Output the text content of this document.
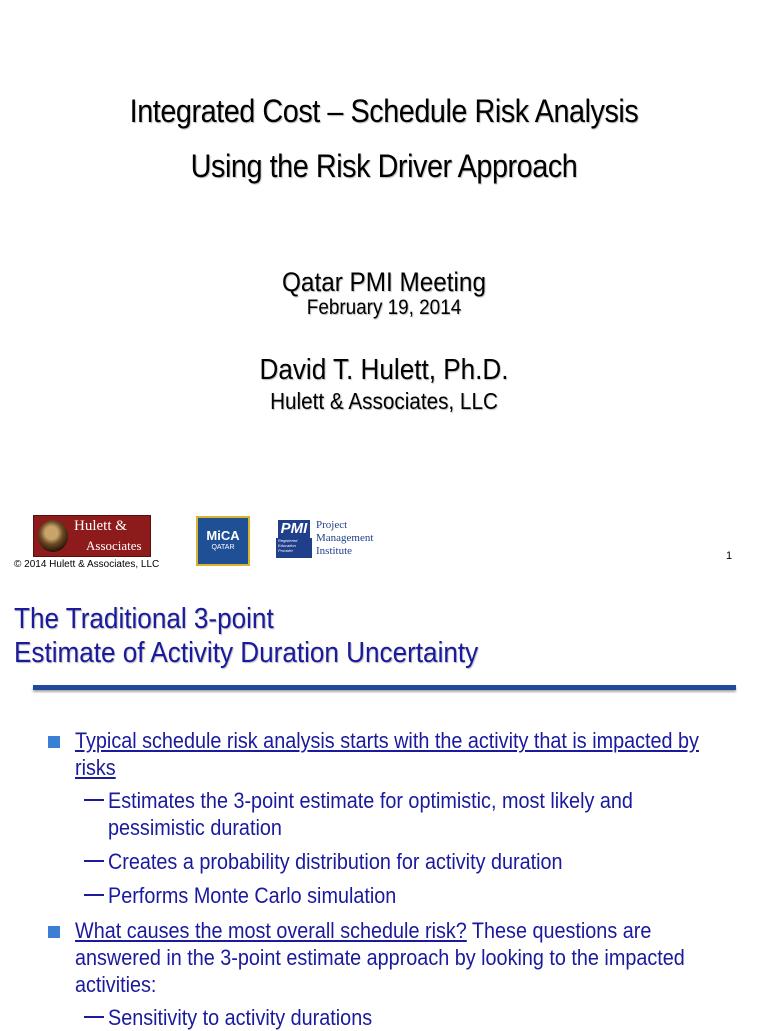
Integrated Cost – Schedule Risk Analysis
Using the Risk Driver Approach
Qatar PMI Meeting
February 19, 2014
David T. Hulett, Ph.D.
Hulett & Associates, LLC
Hulett &
Associates
MiCA
QATAR
PMI
Registered
Education
Provider
Project
Management
Institute
© 2014 Hulett & Associates, LLC
1
The Traditional 3-point
Estimate of Activity Duration Uncertainty
Typical schedule risk analysis starts with the activity that is impacted by risks
Estimates the 3-point estimate for optimistic, most likely and pessimistic duration
Creates a probability distribution for activity duration
Performs Monte Carlo simulation
What causes the most overall schedule risk? These questions are answered in the 3-point estimate approach by looking to the impacted activities:
Sensitivity to activity durations
